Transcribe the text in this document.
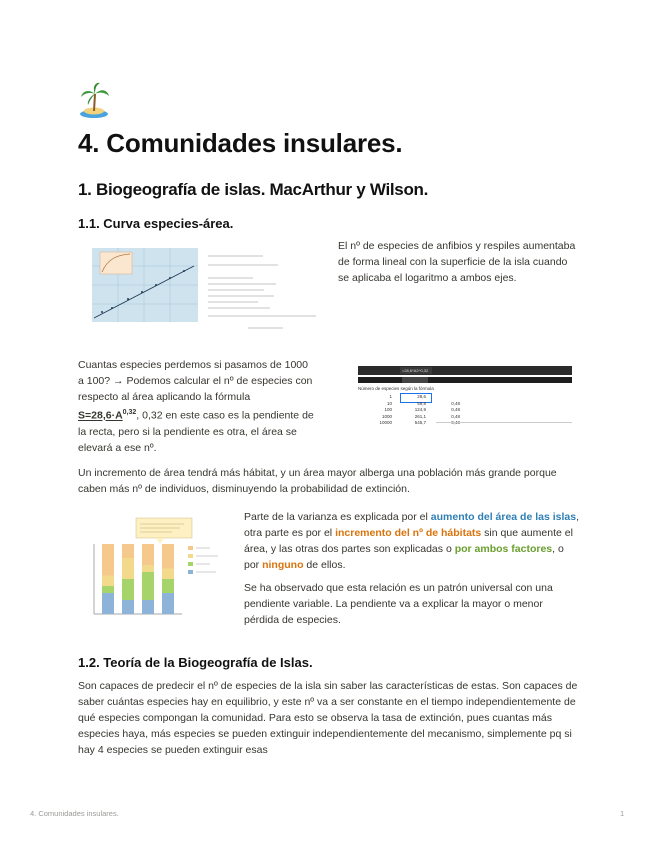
4. Comunidades insulares.
1. Biogeografía de islas. MacArthur y Wilson.
1.1. Curva especies-área.
El nº de especies de anfibios y respiles aumentaba de forma lineal con la superficie de la isla cuando se aplicaba el logaritmo a ambos ejes.
Cuantas especies perdemos si pasamos de 1000 a 100? → Podemos calcular el nº de especies con respecto al área aplicando la fórmula $S=28,6\cdot A^{0,32}$, 0,32 en este caso es la pendiente de la recta, pero si la pendiente es otra, el área se elevará a ese nº.
=28,6*A2^0,32
Número de especies según la fórmula
1	28,6
10	59,8	0,48
100	124,9	0,48
1000	261,1	0,48
10000	545,7
Un incremento de área tendrá más hábitat, y un área mayor alberga una población más grande porque caben más nº de individuos, disminuyendo la probabilidad de extinción.
Parte de la varianza es explicada por el aumento del área de las islas, otra parte es por el incremento del nº de hábitats sin que aumente el área, y las otras dos partes son explicadas o por ambos factores, o por ninguno de ellos.
Se ha observado que esta relación es un patrón universal con una pendiente variable. La pendiente va a explicar la mayor o menor pérdida de especies.
1.2. Teoría de la Biogeografía de Islas.
Son capaces de predecir el nº de especies de la isla sin saber las características de estas. Son capaces de saber cuántas especies hay en equilibrio, y este nº va a ser constante en el tiempo independientemente de qué especies compongan la comunidad. Para esto se observa la tasa de extinción, pues cuantas más especies haya, más especies se pueden extinguir independientemente del mecanismo, simplemente pq si hay 4 especies se pueden extinguir esas
4. Comunidades insulares.	1
